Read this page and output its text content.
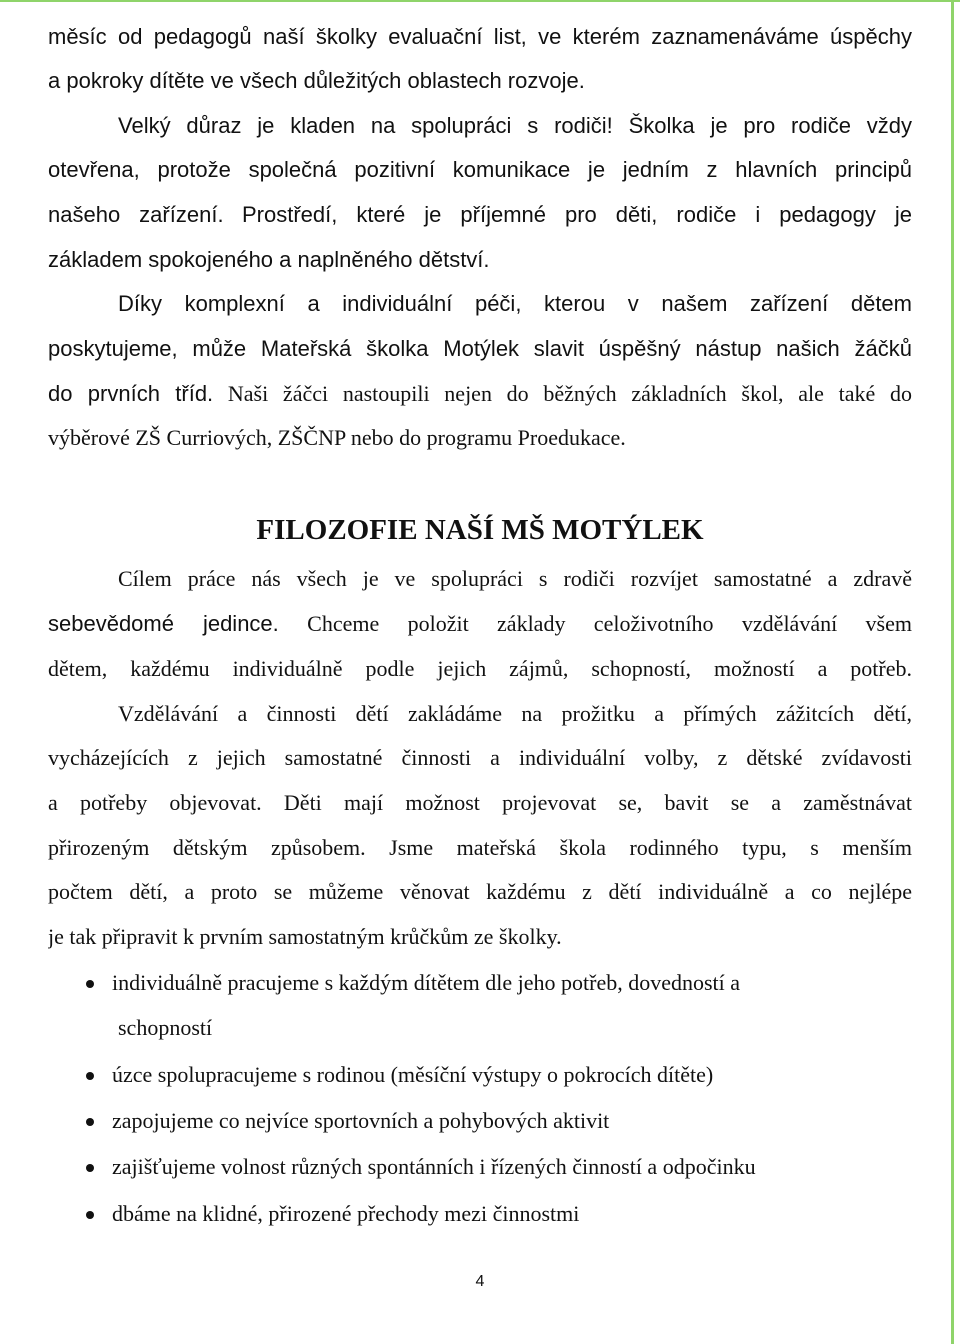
měsíc od pedagogů naší školky evaluační list, ve kterém zaznamenáváme úspěchy
a pokroky dítěte ve všech důležitých oblastech rozvoje.
Velký důraz je kladen na spolupráci s rodiči! Školka je pro rodiče vždy
otevřena, protože společná pozitivní komunikace je jedním z hlavních principů
našeho zařízení. Prostředí, které je příjemné pro děti, rodiče i pedagogy je
základem spokojeného a naplněného dětství.
Díky komplexní a individuální péči, kterou v našem zařízení dětem
poskytujeme, může Mateřská školka Motýlek slavit úspěšný nástup našich žáčků
do prvních tříd. Naši žáčci nastoupili nejen do běžných základních škol, ale také do
výběrové ZŠ Curriových, ZŠČNP nebo do programu Proedukace.
FILOZOFIE NAŠÍ MŠ MOTÝLEK
Cílem práce nás všech je ve spolupráci s rodiči rozvíjet samostatné a zdravě
sebevědomé jedince. Chceme položit základy celoživotního vzdělávání všem
dětem, každému individuálně podle jejich zájmů, schopností, možností a potřeb.
Vzdělávání a činnosti dětí zakládáme na prožitku a přímých zážitcích dětí,
vycházejících z jejich samostatné činnosti a individuální volby, z dětské zvídavosti
a potřeby objevovat. Děti mají možnost projevovat se, bavit se a zaměstnávat
přirozeným dětským způsobem. Jsme mateřská škola rodinného typu, s menším
počtem dětí, a proto se můžeme věnovat každému z dětí individuálně a co nejlépe
je tak připravit k prvním samostatným krůčkům ze školky.
individuálně pracujeme s každým dítětem dle jeho potřeb, dovedností a
schopností
úzce spolupracujeme s rodinou (měsíční výstupy o pokrocích dítěte)
zapojujeme co nejvíce sportovních a pohybových aktivit
zajišťujeme volnost různých spontánních i řízených činností a odpočinku
dbáme na klidné, přirozené přechody mezi činnostmi
4
